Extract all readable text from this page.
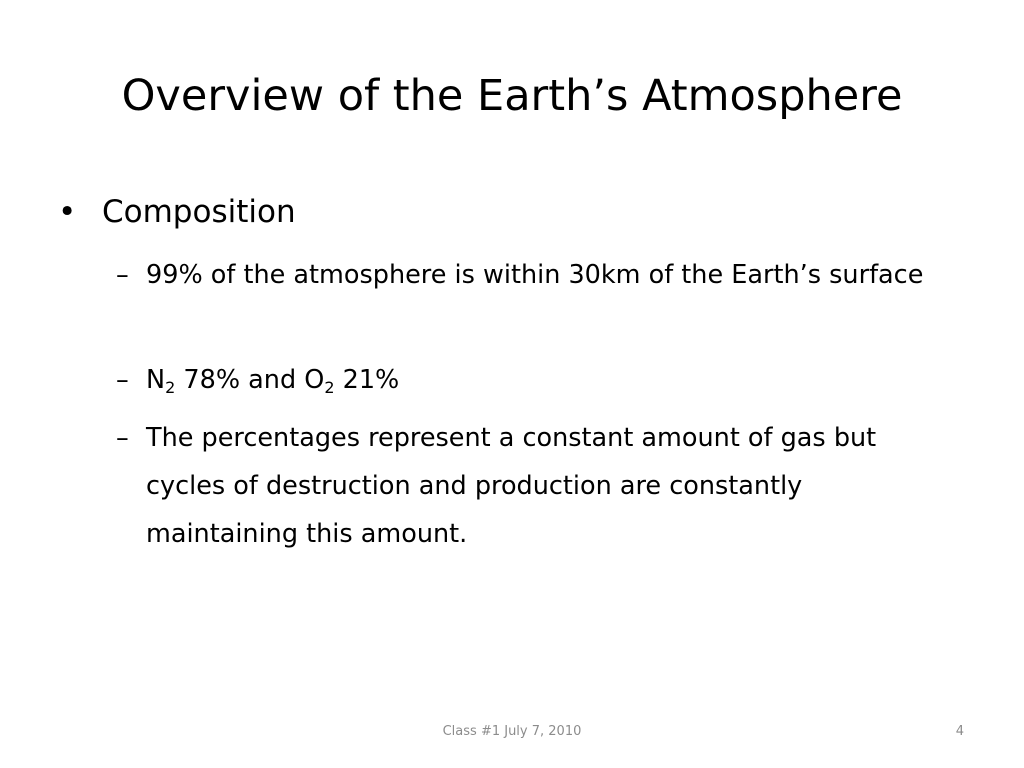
Overview of the Earth’s Atmosphere
• Composition
– 99% of the atmosphere is within 30km of the Earth’s surface
– $N_2$ 78% and $O_2$ 21%
– The percentages represent a constant amount of gas but cycles of destruction and production are constantly maintaining this amount.
Class #1 July 7, 2010	4
